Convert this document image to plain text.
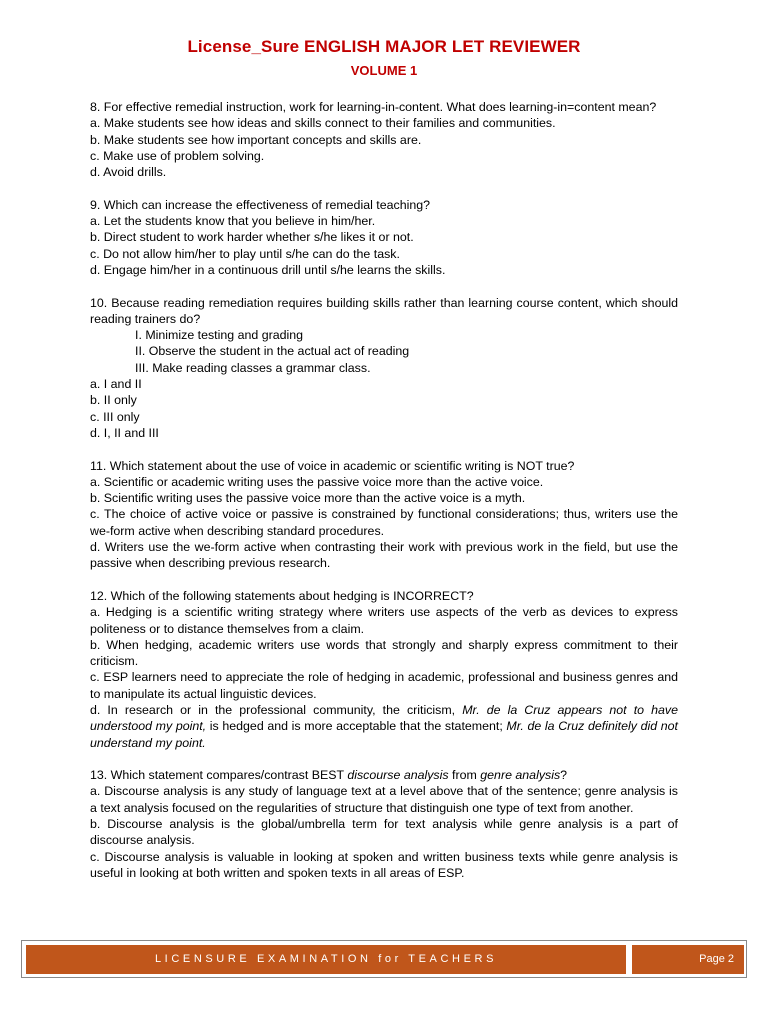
License_Sure ENGLISH MAJOR LET REVIEWER
VOLUME 1

8. For effective remedial instruction, work for learning-in-content. What does learning-in=content mean?

a. Make students see how ideas and skills connect to their families and communities.

b. Make students see how important concepts and skills are.

c. Make use of problem solving.

d. Avoid drills.

9. Which can increase the effectiveness of remedial teaching?

a. Let the students know that you believe in him/her.

b. Direct student to work harder whether s/he likes it or not.

c. Do not allow him/her to play until s/he can do the task.

d. Engage him/her in a continuous drill until s/he learns the skills.

10. Because reading remediation requires building skills rather than learning course content, which should reading trainers do?

I. Minimize testing and grading

II. Observe the student in the actual act of reading

III. Make reading classes a grammar class.

a. I and II

b. II only

c. III only

d. I, II and III

11. Which statement about the use of voice in academic or scientific writing is NOT true?

a. Scientific or academic writing uses the passive voice more than the active voice.

b. Scientific writing uses the passive voice more than the active voice is a myth.

c. The choice of active voice or passive is constrained by functional considerations; thus, writers use the we-form active when describing standard procedures.

d. Writers use the we-form active when contrasting their work with previous work in the field, but use the passive when describing previous research.

12. Which of the following statements about hedging is INCORRECT?

a. Hedging is a scientific writing strategy where writers use aspects of the verb as devices to express politeness or to distance themselves from a claim.

b. When hedging, academic writers use words that strongly and sharply express commitment to their criticism.

c. ESP learners need to appreciate the role of hedging in academic, professional and business genres and to manipulate its actual linguistic devices.

d. In research or in the professional community, the criticism, Mr. de la Cruz appears not to have understood my point, is hedged and is more acceptable that the statement; Mr. de la Cruz definitely did not understand my point.

13. Which statement compares/contrast BEST discourse analysis from genre analysis?

a. Discourse analysis is any study of language text at a level above that of the sentence; genre analysis is a text analysis focused on the regularities of structure that distinguish one type of text from another.

b. Discourse analysis is the global/umbrella term for text analysis while genre analysis is a part of discourse analysis.

c. Discourse analysis is valuable in looking at spoken and written business texts while genre analysis is useful in looking at both written and spoken texts in all areas of ESP.

LICENSURE EXAMINATION for TEACHERS	Page 2
